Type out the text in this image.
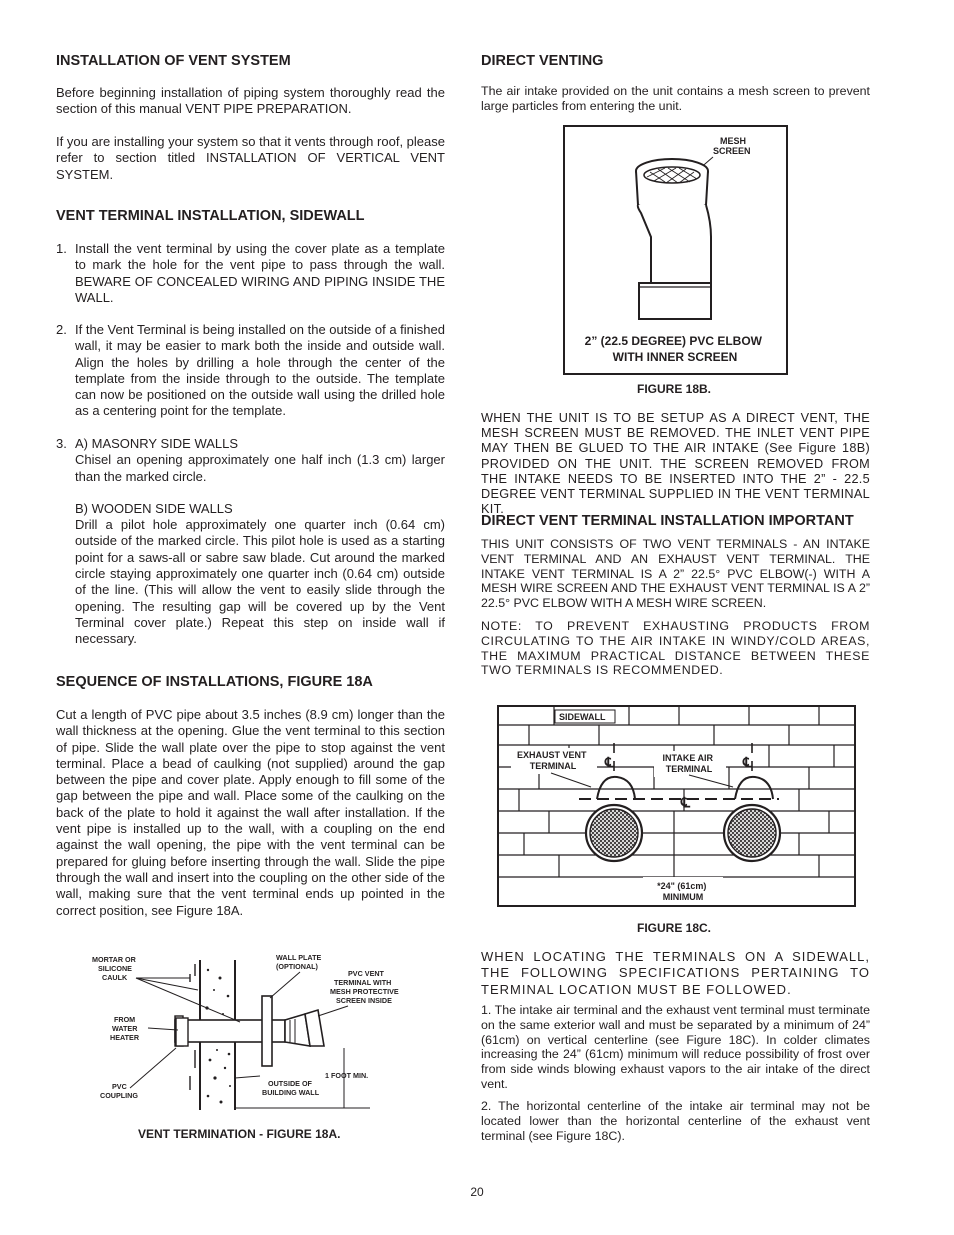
INSTALLATION OF VENT SYSTEM

Before beginning installation of piping system thoroughly read the section of this manual VENT PIPE PREPARATION.

If you are installing your system so that it vents through roof, please refer to section titled INSTALLATION OF VERTICAL VENT SYSTEM.

VENT TERMINAL INSTALLATION, SIDEWALL
1. Install the vent terminal by using the cover plate as a template to mark the hole for the vent pipe to pass through the wall. BEWARE OF CONCEALED WIRING AND PIPING INSIDE THE WALL.
2. If the Vent Terminal is being installed on the outside of a finished wall, it may be easier to mark both the inside and outside wall. Align the holes by drilling a hole through the center of the template from the inside through to the outside. The template can now be positioned on the outside wall using the drilled hole as a centering point for the template.
3. A) MASONRY SIDE WALLS
Chisel an opening approximately one half inch (1.3 cm) larger than the marked circle.
B) WOODEN SIDE WALLS
Drill a pilot hole approximately one quarter inch (0.64 cm) outside of the marked circle. This pilot hole is used as a starting point for a saws-all or sabre saw blade. Cut around the marked circle staying approximately one quarter inch (0.64 cm) outside of the line. (This will allow the vent to easily slide through the opening. The resulting gap will be covered up by the Vent Terminal cover plate.) Repeat this step on inside wall if necessary.
SEQUENCE OF INSTALLATIONS, FIGURE 18A

Cut a length of PVC pipe about 3.5 inches (8.9 cm) longer than the wall thickness at the opening. Glue the vent terminal to this section of pipe. Slide the wall plate over the pipe to stop against the vent terminal. Place a bead of caulking (not supplied) around the gap between the pipe and cover plate. Apply enough to fill some of the gap between the pipe and wall. Place some of the caulking on the back of the plate to hold it against the wall after installation. If the vent pipe is installed up to the wall, with a coupling on the end against the wall opening, the pipe with the vent terminal can be prepared for gluing before inserting through the wall. Slide the pipe through the wall and insert into the coupling on the other side of the wall, making sure that the vent terminal ends up pointed in the correct position, see Figure 18A.

MORTAR OR SILICONE CAULK
WALL PLATE (OPTIONAL)
PVC VENT TERMINAL WITH MESH PROTECTIVE SCREEN INSIDE
FROM WATER HEATER
PVC COUPLING
OUTSIDE OF BUILDING WALL
1 FOOT MIN.
VENT TERMINATION - FIGURE 18A.
DIRECT VENTING

The air intake provided on the unit contains a mesh screen to prevent large particles from entering the unit.

MESH SCREEN
2” (22.5 DEGREE) PVC ELBOW WITH INNER SCREEN
FIGURE 18B.

WHEN THE UNIT IS TO BE SETUP AS A DIRECT VENT, THE MESH SCREEN MUST BE REMOVED. THE INLET VENT PIPE MAY THEN BE GLUED TO THE AIR INTAKE (See Figure 18B) PROVIDED ON THE UNIT. THE SCREEN REMOVED FROM THE INTAKE NEEDS TO BE INSERTED INTO THE 2” - 22.5 DEGREE VENT TERMINAL SUPPLIED IN THE VENT TERMINAL KIT.

DIRECT VENT TERMINAL INSTALLATION IMPORTANT

THIS UNIT CONSISTS OF TWO VENT TERMINALS - AN INTAKE VENT TERMINAL AND AN EXHAUST VENT TERMINAL. THE INTAKE VENT TERMINAL IS A 2” 22.5° PVC ELBOW(-) WITH A MESH WIRE SCREEN AND THE EXHAUST VENT TERMINAL IS A 2” 22.5° PVC ELBOW WITH A MESH WIRE SCREEN.

NOTE: TO PREVENT EXHAUSTING PRODUCTS FROM CIRCULATING TO THE AIR INTAKE IN WINDY/COLD AREAS, THE MAXIMUM PRACTICAL DISTANCE BETWEEN THESE TWO TERMINALS IS RECOMMENDED.

SIDEWALL
EXHAUST VENT TERMINAL
INTAKE AIR TERMINAL
℄	℄
℄
*24" (61cm) MINIMUM
FIGURE 18C.

WHEN LOCATING THE TERMINALS ON A SIDEWALL, THE FOLLOWING SPECIFICATIONS PERTAINING TO TERMINAL LOCATION MUST BE FOLLOWED.

1. The intake air terminal and the exhaust vent terminal must terminate on the same exterior wall and must be separated by a minimum of 24” (61cm) on vertical centerline (see Figure 18C). In colder climates increasing the 24” (61cm) minimum will reduce possibility of frost over from side winds blowing exhaust vapors to the air intake of the direct vent.

2. The horizontal centerline of the intake air terminal may not be located lower than the horizontal centerline of the exhaust vent terminal (see Figure 18C).

20
